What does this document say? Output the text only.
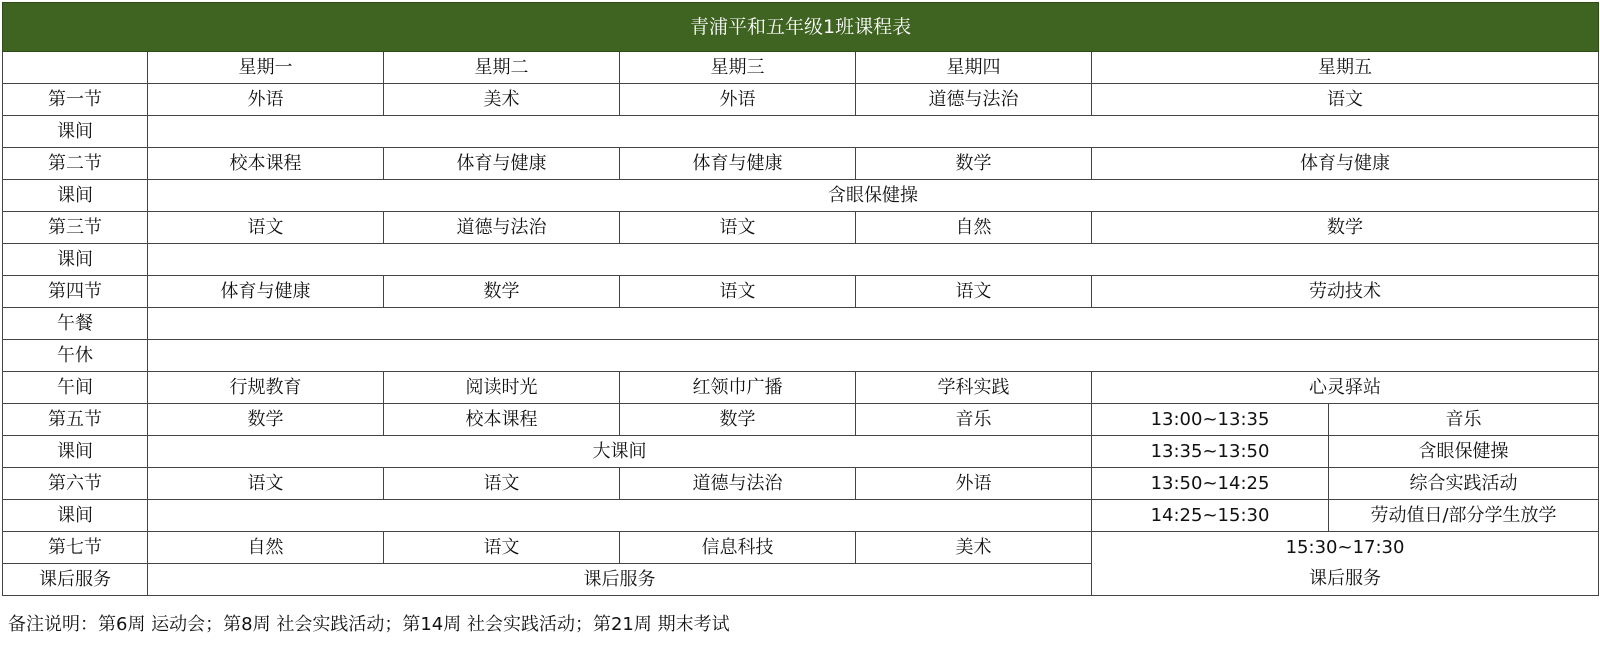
青浦平和五年级1班课程表						
	星期一	星期二	星期三	星期四	星期五	
第一节	外语	美术	外语	道德与法治	语文	
课间						
第二节	校本课程	体育与健康	体育与健康	数学	体育与健康	
课间	含眼保健操					
第三节	语文	道德与法治	语文	自然	数学	
课间						
第四节	体育与健康	数学	语文	语文	劳动技术	
午餐						
午休						
午间	行规教育	阅读时光	红领巾广播	学科实践	心灵驿站	
第五节	数学	校本课程	数学	音乐	13:00~13:35	音乐
课间	大课间				13:35~13:50	含眼保健操
第六节	语文	语文	道德与法治	外语	13:50~14:25	综合实践活动
课间					14:25~15:30	劳动值日/部分学生放学
第七节	自然	语文	信息科技	美术	15:30~17:30	
课后服务	课后服务				课后服务	
备注说明：第6周 运动会；第8周 社会实践活动；第14周 社会实践活动；第21周 期末考试
